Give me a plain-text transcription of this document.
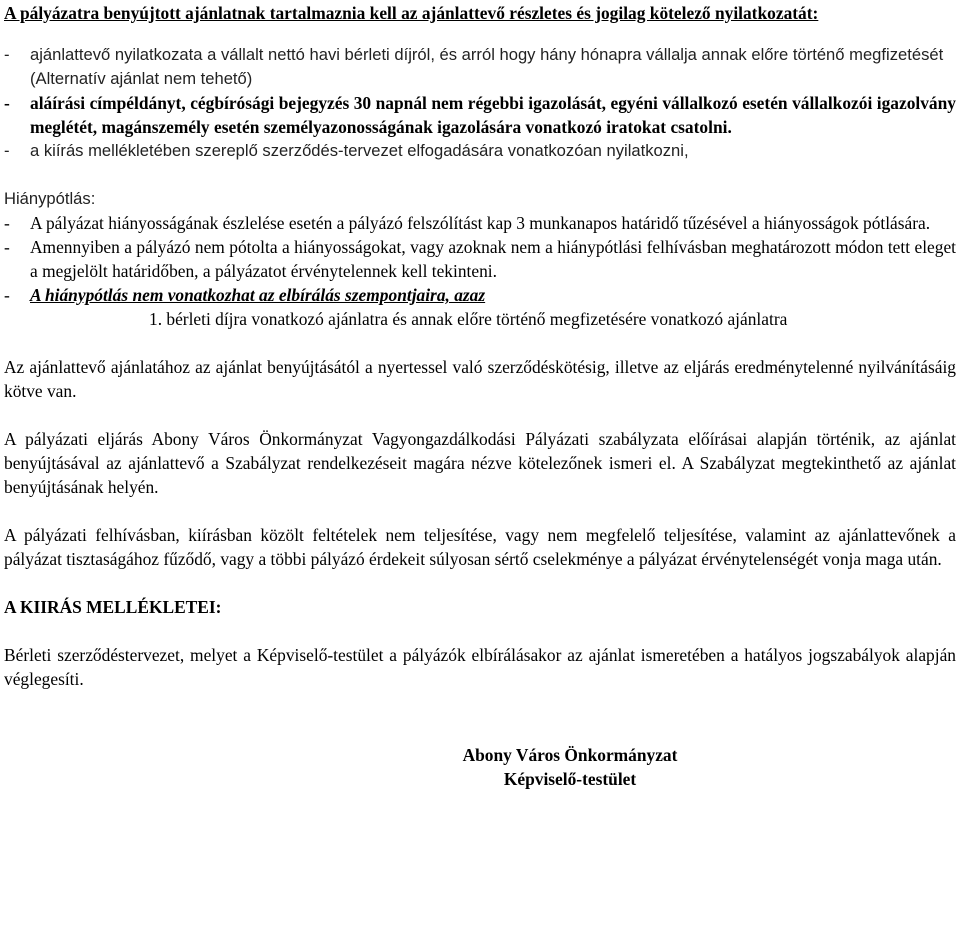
A pályázatra benyújtott ajánlatnak tartalmaznia kell az ajánlattevő részletes és jogilag kötelező nyilatkozatát:
- ajánlattevő nyilatkozata a vállalt nettó havi bérleti díjról, és arról hogy hány hónapra vállalja annak előre történő megfizetését (Alternatív ajánlat nem tehető)
- aláírási címpéldányt, cégbírósági bejegyzés 30 napnál nem régebbi igazolását, egyéni vállalkozó esetén vállalkozói igazolvány meglétét, magánszemély esetén személyazonosságának igazolására vonatkozó iratokat csatolni.
- a kiírás mellékletében szereplő szerződés-tervezet elfogadására vonatkozóan nyilatkozni,
Hiánypótlás:
- A pályázat hiányosságának észlelése esetén a pályázó felszólítást kap 3 munkanapos határidő tűzésével a hiányosságok pótlására.
- Amennyiben a pályázó nem pótolta a hiányosságokat, vagy azoknak nem a hiánypótlási felhívásban meghatározott módon tett eleget a megjelölt határidőben, a pályázatot érvénytelennek kell tekinteni.
- A hiánypótlás nem vonatkozhat az elbírálás szempontjaira, azaz
1. bérleti díjra vonatkozó ajánlatra és annak előre történő megfizetésére vonatkozó ajánlatra
Az ajánlattevő ajánlatához az ajánlat benyújtásától a nyertessel való szerződéskötésig, illetve az eljárás eredménytelenné nyilvánításáig kötve van.
A pályázati eljárás Abony Város Önkormányzat Vagyongazdálkodási Pályázati szabályzata előírásai alapján történik, az ajánlat benyújtásával az ajánlattevő a Szabályzat rendelkezéseit magára nézve kötelezőnek ismeri el. A Szabályzat megtekinthető az ajánlat benyújtásának helyén.
A pályázati felhívásban, kiírásban közölt feltételek nem teljesítése, vagy nem megfelelő teljesítése, valamint az ajánlattevőnek a pályázat tisztaságához fűződő, vagy a többi pályázó érdekeit súlyosan sértő cselekménye a pályázat érvénytelenségét vonja maga után.
A KIIRÁS MELLÉKLETEI:
Bérleti szerződéstervezet, melyet a Képviselő-testület a pályázók elbírálásakor az ajánlat ismeretében a hatályos jogszabályok alapján véglegesíti.
Abony Város Önkormányzat
Képviselő-testület
